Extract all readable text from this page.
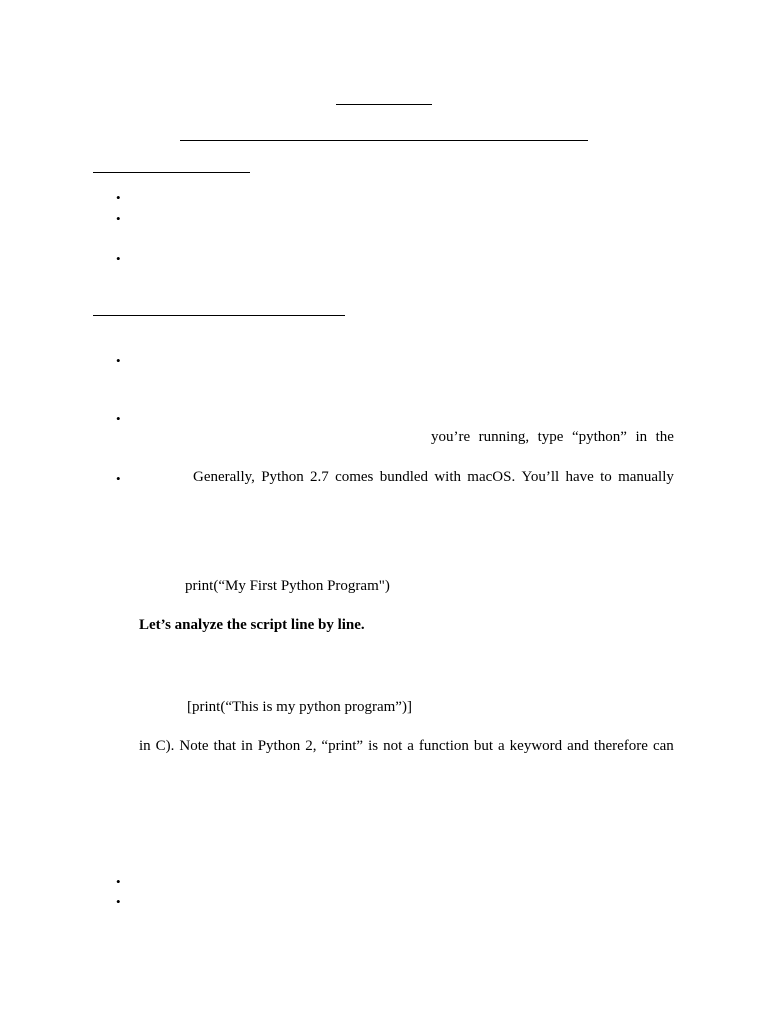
•
•
•
•
•
you’re running, type “python” in the
•	Generally, Python 2.7 comes bundled with macOS. You’ll have to manually
print(“My First Python Program")
Let’s analyze the script line by line.
[print(“This is my python program”)]
in C). Note that in Python 2, “print” is not a function but a keyword and therefore can
•
•
